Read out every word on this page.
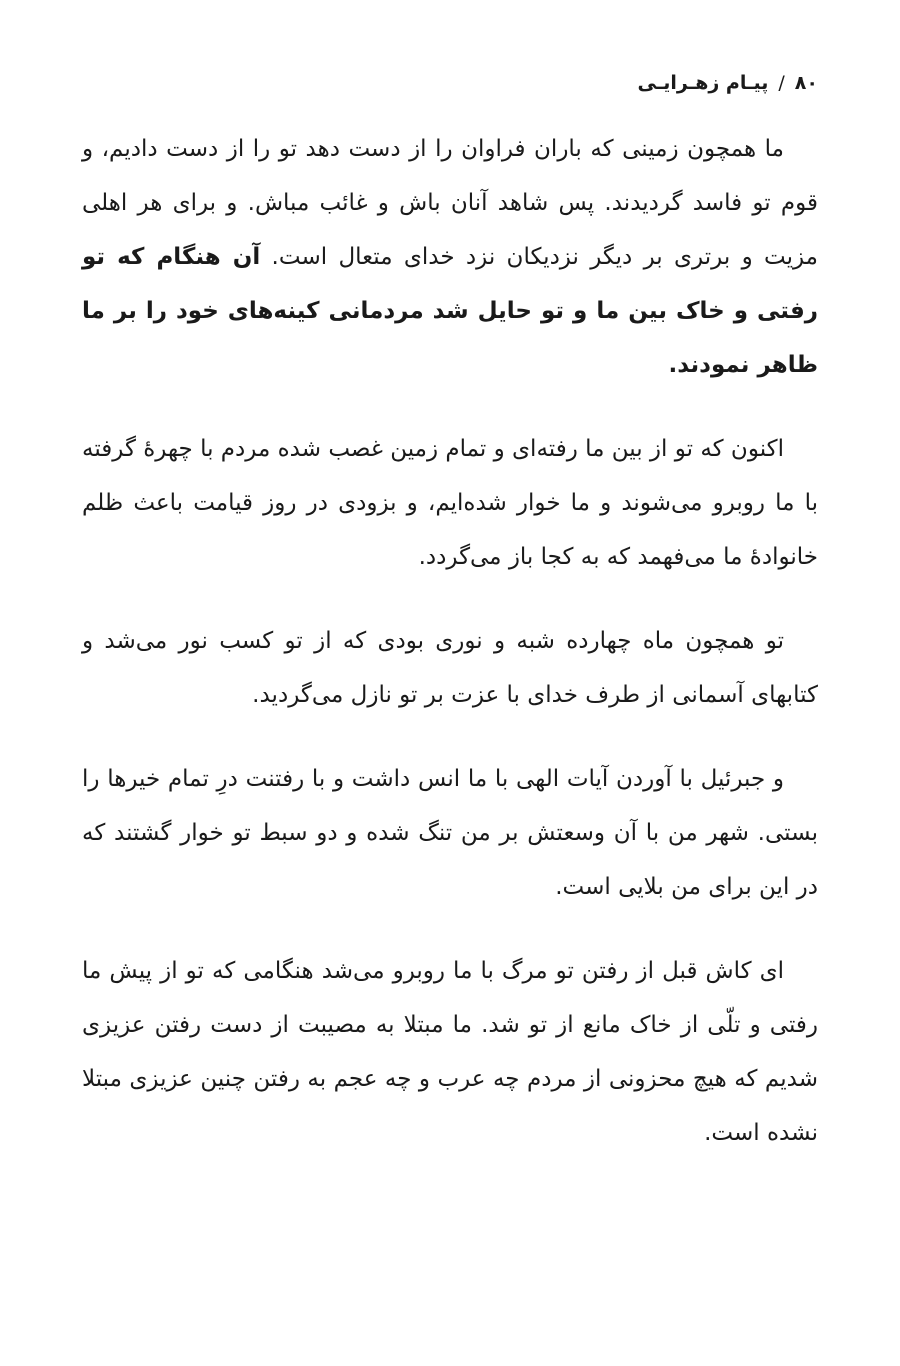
۸۰/پیـام زهـرایـی

ما همچون زمینی که باران فراوان را از دست دهد تو را از دست دادیم، و قوم تو فاسد گردیدند. پس شاهد آنان باش و غائب مباش. و برای هر اهلی مزیت و برتری بر دیگر نزدیکان نزد خدای متعال است. آن هنگام که تو رفتی و خاک بین ما و تو حایل شد مردمانی کینه‌های خود را بر ما ظاهر نمودند.

اکنون که تو از بین ما رفته‌ای و تمام زمین غصب شده مردم با چهرهٔ گرفته با ما روبرو می‌شوند و ما خوار شده‌ایم، و بزودی در روز قیامت باعث ظلم خانوادهٔ ما می‌فهمد که به کجا باز می‌گردد.

تو همچون ماه چهارده شبه و نوری بودی که از تو کسب نور می‌شد و کتابهای آسمانی از طرف خدای با عزت بر تو نازل می‌گردید.

و جبرئیل با آوردن آیات الهی با ما انس داشت و با رفتنت درِ تمام خیرها را بستی. شهر من با آن وسعتش بر من تنگ شده و دو سبط تو خوار گشتند که در این برای من بلایی است.

ای کاش قبل از رفتن تو مرگ با ما روبرو می‌شد هنگامی که تو از پیش ما رفتی و تلّی از خاک مانع از تو شد. ما مبتلا به مصیبت از دست رفتن عزیزی شدیم که هیچ محزونی از مردم چه عرب و چه عجم به رفتن چنین عزیزی مبتلا نشده است.
